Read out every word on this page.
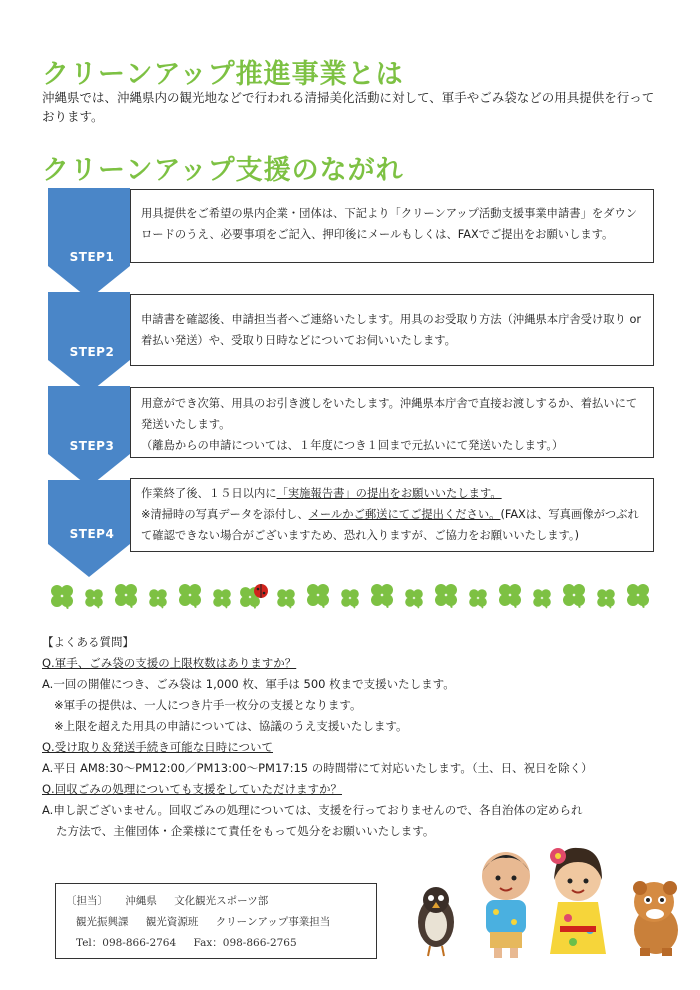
クリーンアップ推進事業とは

沖縄県では、沖縄県内の観光地などで行われる清掃美化活動に対して、軍手やごみ袋などの用具提供を行っております。

クリーンアップ支援のながれ
STEP1
STEP2
STEP3
STEP4

用具提供をご希望の県内企業・団体は、下記より「クリーンアップ活動支援事業申請書」をダウンロードのうえ、必要事項をご記入、押印後にメールもしくは、FAXでご提出をお願いします。

申請書を確認後、申請担当者へご連絡いたします。用具のお受取り方法（沖縄県本庁舎受け取り or 着払い発送）や、受取り日時などについてお伺いいたします。

用意ができ次第、用具のお引き渡しをいたします。沖縄県本庁舎で直接お渡しするか、着払いにて発送いたします。

（離島からの申請については、１年度につき１回まで元払いにて発送いたします。）

作業終了後、１５日以内に「実施報告書」の提出をお願いいたします。

※清掃時の写真データを添付し、メールかご郵送にてご提出ください。(FAXは、写真画像がつぶれて確認できない場合がございますため、恐れ入りますが、ご協力をお願いいたします。)

【よくある質問】
Q.軍手、ごみ袋の支援の上限枚数はありますか？
A.一回の開催につき、ごみ袋は 1,000 枚、軍手は 500 枚まで支援いたします。
※軍手の提供は、一人につき片手一枚分の支援となります。
※上限を超えた用具の申請については、協議のうえ支援いたします。
Q.受け取り＆発送手続き可能な日時について
A.平日 AM8:30～PM12:00／PM13:00～PM17:15 の時間帯にて対応いたします。（土、日、祝日を除く）
Q.回収ごみの処理についても支援をしていただけますか？
A.申し訳ございません。回収ごみの処理については、支援を行っておりませんので、各自治体の定められ
た方法で、主催団体・企業様にて責任をもって処分をお願いいたします。
〔担当〕 沖縄県 文化観光スポーツ部
観光振興課 観光資源班 クリーンアップ事業担当
Tel：098-866-2764 Fax：098-866-2765
